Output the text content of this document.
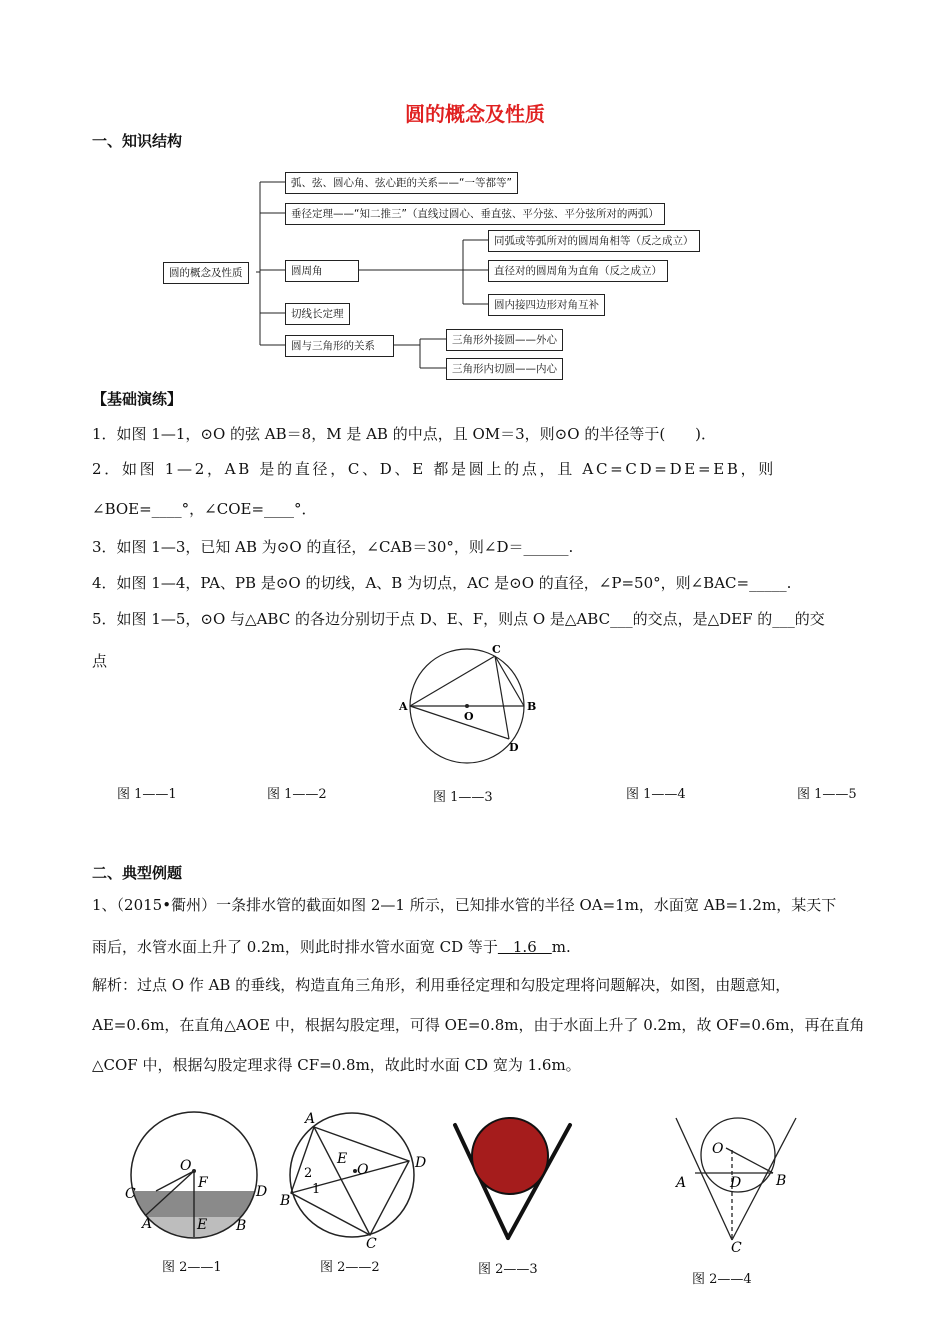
圆的概念及性质
一、知识结构
圆的概念及性质
弧、弦、圆心角、弦心距的关系——“一等都等”
垂径定理——“知二推三”（直线过圆心、垂直弦、平分弦、平分弦所对的两弧）
圆周角
同弧或等弧所对的圆周角相等（反之成立）
直径对的圆周角为直角（反之成立）
圆内接四边形对角互补
切线长定理
圆与三角形的关系	三角形外接圆——外心
三角形内切圆——内心
【基础演练】
1．如图 1—1，⊙O 的弦 AB＝8，M 是 AB 的中点，且 OM＝3，则⊙O 的半径等于(　　)．
2．如图 1—2，AB 是的直径，C、D、E 都是圆上的点，且 AC=CD=DE=EB，则
∠BOE=____°，∠COE=____°．
3．如图 1—3，已知 AB 为⊙O 的直径，∠CAB＝30°，则∠D＝______.
4．如图 1—4，PA、PB 是⊙O 的切线，A、B 为切点，AC 是⊙O 的直径，∠P=50°，则∠BAC=_____.
5．如图 1—5，⊙O 与△ABC 的各边分别切于点 D、E、F，则点 O 是△ABC___的交点，是△DEF 的___的交
点
A	B
C
D
O
图 1——1	图 1——2	图 1——3	图 1——4	图 1——5
二、典型例题
1、（2015•衢州）一条排水管的截面如图 2—1 所示，已知排水管的半径 OA=1m，水面宽 AB=1.2m，某天下
雨后，水管水面上升了 0.2m，则此时排水管水面宽 CD 等于　1.6　m.
解析：过点 O 作 AB 的垂线，构造直角三角形，利用垂径定理和勾股定理将问题解决，如图，由题意知，
AE=0.6m，在直角△AOE 中，根据勾股定理，可得 OE=0.8m，由于水面上升了 0.2m，故 OF=0.6m，再在直角
△COF 中，根据勾股定理求得 CF=0.8m，故此时水面 CD 宽为 1.6m。
O
F
C	D
A	E B
A
B
C
D
E
O
1
2
O
A	D B
C
图 2——1	图 2——2	图 2——3
图 2——4
